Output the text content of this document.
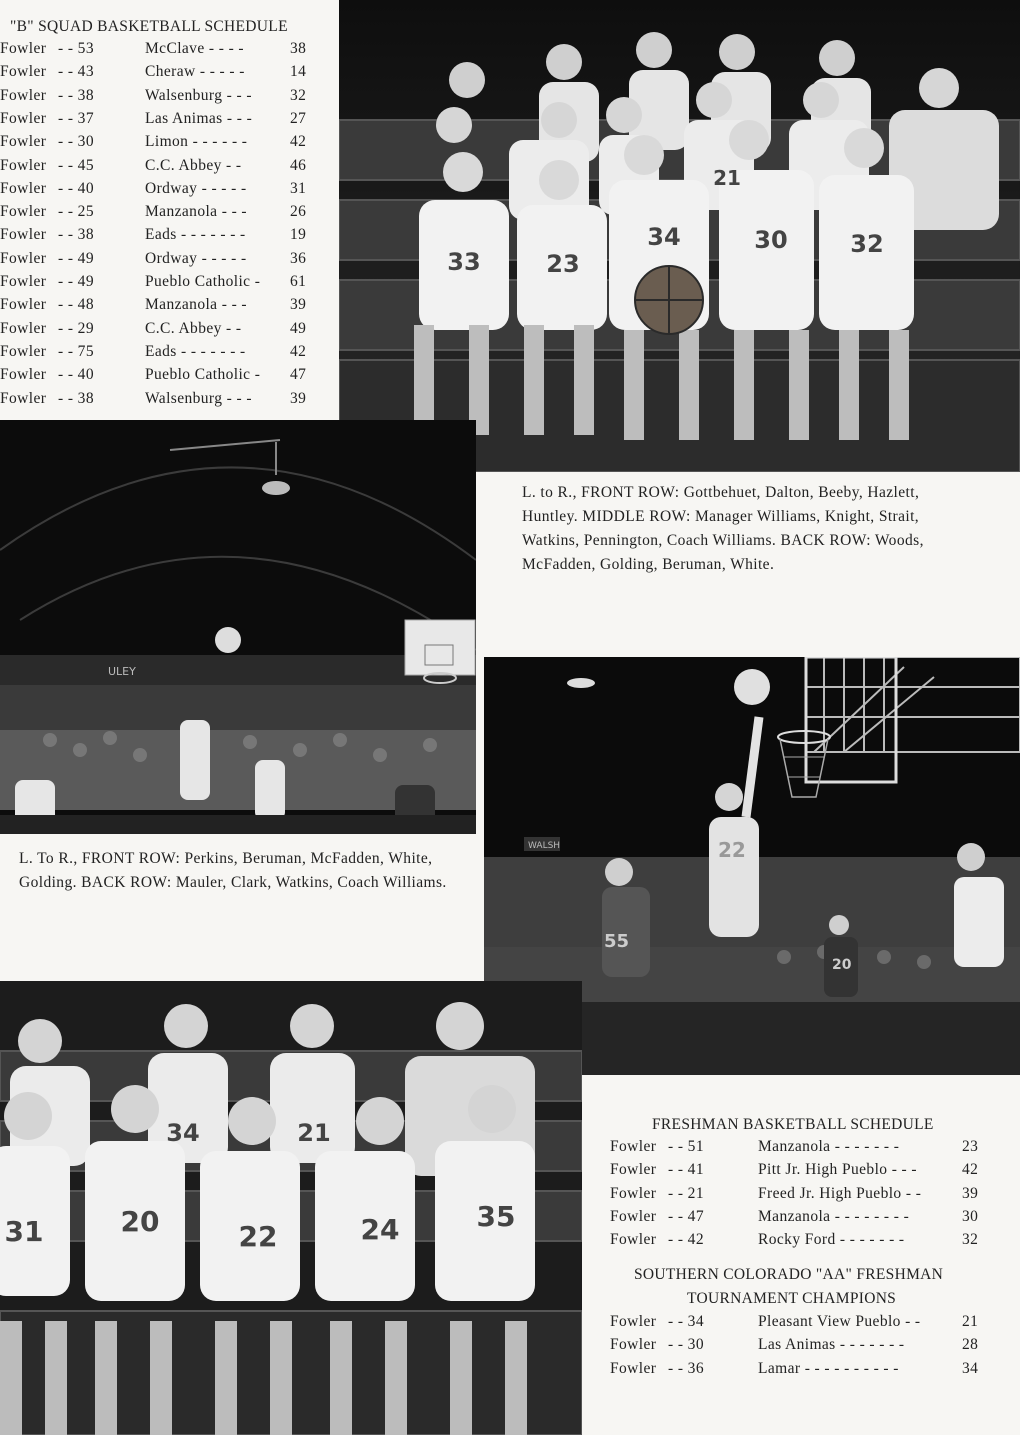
"B" SQUAD BASKETBALL SCHEDULE
Fowler - - 53	McClave - - - -	38
Fowler - - 43	Cheraw - - - - -	14
Fowler - - 38	Walsenburg - - - 32
Fowler - - 37	Las Animas - - - 27
Fowler - - 30	Limon - - - - - -	42
Fowler - - 45	C.C. Abbey - -	46
Fowler - - 40	Ordway - - - - -	31
Fowler - - 25	Manzanola - - -	26
Fowler - - 38	Eads - - - - - - -	19
Fowler - - 49	Ordway - - - - -	36
Fowler - - 49	Pueblo Catholic - 61
Fowler - - 48	Manzanola - - -	39
Fowler - - 29	C.C. Abbey - -	49
Fowler - - 75	Eads - - - - - - -	42
Fowler - - 40	Pueblo Catholic - 47
Fowler - - 38	Walsenburg - - - 39
33	23
34	30	32
21
L. to R., FRONT ROW: Gottbehuet, Dalton, Beeby, Hazlett, Huntley. MIDDLE ROW: Manager Williams, Knight, Strait, Watkins, Pennington, Coach Williams. BACK ROW: Woods, McFadden, Golding, Beruman, White.
ULEY
L. To R., FRONT ROW: Perkins, Beruman, McFadden, White, Golding. BACK ROW: Mauler, Clark, Watkins, Coach Williams.
WALSH	22
55
20
31	20	22	24	35
34	21	FRESHMAN BASKETBALL SCHEDULE
Fowler - - 51	Manzanola - - - - - - -	23
Fowler - - 41	Pitt Jr. High Pueblo - - -	42
Fowler - - 21	Freed Jr. High Pueblo - -	39
Fowler - - 47	Manzanola - - - - - - - -	30
Fowler - - 42	Rocky Ford - - - - - - -	32
SOUTHERN COLORADO "AA" FRESHMAN
TOURNAMENT CHAMPIONS
Fowler - - 34	Pleasant View Pueblo - -	21
Fowler - - 30	Las Animas - - - - - - -	28
Fowler - - 36	Lamar - - - - - - - - - -	34
